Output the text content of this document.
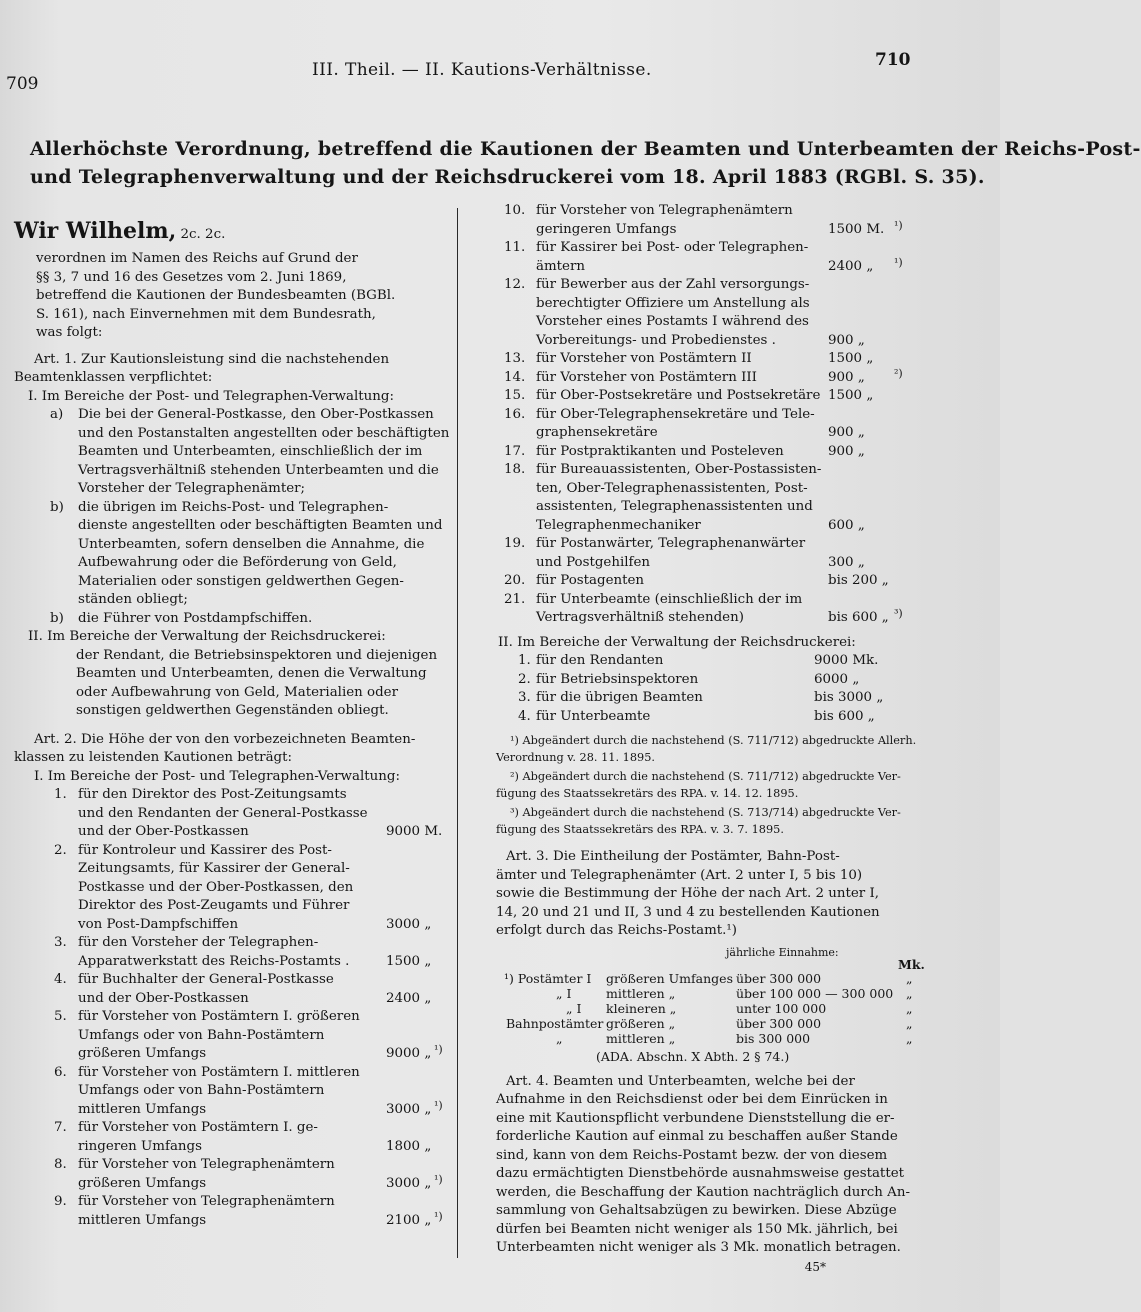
709
III. Theil. — II. Kautions-Verhältnisse.	710
Allerhöchste Verordnung, betreffend die Kautionen der Beamten und Unterbeamten der Reichs-Post-
und Telegraphenverwaltung und der Reichsdruckerei vom 18. April 1883 (RGBl. S. 35).

Wir Wilhelm, 2c. 2c.

verordnen im Namen des Reichs auf Grund der

§§ 3, 7 und 16 des Gesetzes vom 2. Juni 1869,

betreffend die Kautionen der Bundesbeamten (BGBl.

S. 161), nach Einvernehmen mit dem Bundesrath,

was folgt:

Art. 1. Zur Kautionsleistung sind die nachstehenden

Beamtenklassen verpflichtet:

I. Im Bereiche der Post- und Telegraphen-Verwaltung:

a) Die bei der General-Postkasse, den Ober-Postkassen

und den Postanstalten angestellten oder beschäftigten

Beamten und Unterbeamten, einschließlich der im

Vertragsverhältniß stehenden Unterbeamten und die

Vorsteher der Telegraphenämter;

b) die übrigen im Reichs-Post- und Telegraphen-

dienste angestellten oder beschäftigten Beamten und

Unterbeamten, sofern denselben die Annahme, die

Aufbewahrung oder die Beförderung von Geld,

Materialien oder sonstigen geldwerthen Gegen-

ständen obliegt;

b) die Führer von Postdampfschiffen.

II. Im Bereiche der Verwaltung der Reichsdruckerei:

der Rendant, die Betriebsinspektoren und diejenigen

Beamten und Unterbeamten, denen die Verwaltung

oder Aufbewahrung von Geld, Materialien oder

sonstigen geldwerthen Gegenständen obliegt.

Art. 2. Die Höhe der von den vorbezeichneten Beamten-

klassen zu leistenden Kautionen beträgt:

I. Im Bereiche der Post- und Telegraphen-Verwaltung:

1. für den Direktor des Post-Zeitungsamts

und den Rendanten der General-Postkasse

und der Ober-Postkassen	9000 M.
2. für Kontroleur und Kassirer des Post-

Zeitungsamts, für Kassirer der General-

Postkasse und der Ober-Postkassen, den

Direktor des Post-Zeugamts und Führer

von Post-Dampfschiffen	3000 „
3. für den Vorsteher der Telegraphen-

Apparatwerkstatt des Reichs-Postamts .	1500 „
4. für Buchhalter der General-Postkasse

und der Ober-Postkassen	2400 „
5. für Vorsteher von Postämtern I. größeren

Umfangs oder von Bahn-Postämtern

größeren Umfangs	9000 „ ¹)
6. für Vorsteher von Postämtern I. mittleren

Umfangs oder von Bahn-Postämtern

mittleren Umfangs	3000 „ ¹)
7. für Vorsteher von Postämtern I. ge-

ringeren Umfangs	1800 „
8. für Vorsteher von Telegraphenämtern

größeren Umfangs	3000 „ ¹)
9. für Vorsteher von Telegraphenämtern

mittleren Umfangs	2100 „ ¹)
10. für Vorsteher von Telegraphenämtern

geringeren Umfangs	1500 M. ¹)
11. für Kassirer bei Post- oder Telegraphen-

ämtern	2400 „ ¹)
12. für Bewerber aus der Zahl versorgungs-

berechtigter Offiziere um Anstellung als

Vorsteher eines Postamts I während des

Vorbereitungs- und Probedienstes .	900 „
13. für Vorsteher von Postämtern II	1500 „
14. für Vorsteher von Postämtern III	900 „	²)
15. für Ober-Postsekretäre und Postsekretäre 1500 „
16. für Ober-Telegraphensekretäre und Tele-

graphensekretäre	900 „
17. für Postpraktikanten und Posteleven	900 „
18. für Bureauassistenten, Ober-Postassisten-

ten, Ober-Telegraphenassistenten, Post-

assistenten, Telegraphenassistenten und

Telegraphenmechaniker	600 „
19. für Postanwärter, Telegraphenanwärter

und Postgehilfen	300 „
20. für Postagenten	bis 200 „
21. für Unterbeamte (einschließlich der im

Vertragsverhältniß stehenden)	bis 600 „ ³)

II. Im Bereiche der Verwaltung der Reichsdruckerei:

1. für den Rendanten	9000 Mk.
2. für Betriebsinspektoren	6000 „
3. für die übrigen Beamten	bis 3000 „
4. für Unterbeamte	bis 600 „

¹) Abgeändert durch die nachstehend (S. 711/712) abgedruckte Allerh.

Verordnung v. 28. 11. 1895.

²) Abgeändert durch die nachstehend (S. 711/712) abgedruckte Ver-

fügung des Staatssekretärs des RPA. v. 14. 12. 1895.

³) Abgeändert durch die nachstehend (S. 713/714) abgedruckte Ver-

fügung des Staatssekretärs des RPA. v. 3. 7. 1895.

Art. 3. Die Eintheilung der Postämter, Bahn-Post-

ämter und Telegraphenämter (Art. 2 unter I, 5 bis 10)

sowie die Bestimmung der Höhe der nach Art. 2 unter I,

14, 20 und 21 und II, 3 und 4 zu bestellenden Kautionen

erfolgt durch das Reichs-Postamt.¹)

jährliche Einnahme:
Mk.
¹) Postämter I größeren Umfanges über 300 000	„
„ I	mittleren „	über 100 000 — 300 000 „
„ I kleineren „	unter 100 000	„
Bahnpostämter größeren „	über 300 000	„
„	mittleren „	bis 300 000	„
(ADA. Abschn. X Abth. 2 § 74.)

Art. 4. Beamten und Unterbeamten, welche bei der

Aufnahme in den Reichsdienst oder bei dem Einrücken in

eine mit Kautionspflicht verbundene Dienststellung die er-

forderliche Kaution auf einmal zu beschaffen außer Stande

sind, kann von dem Reichs-Postamt bezw. der von diesem

dazu ermächtigten Dienstbehörde ausnahmsweise gestattet

werden, die Beschaffung der Kaution nachträglich durch An-

sammlung von Gehaltsabzügen zu bewirken. Diese Abzüge

dürfen bei Beamten nicht weniger als 150 Mk. jährlich, bei

Unterbeamten nicht weniger als 3 Mk. monatlich betragen.

45*
